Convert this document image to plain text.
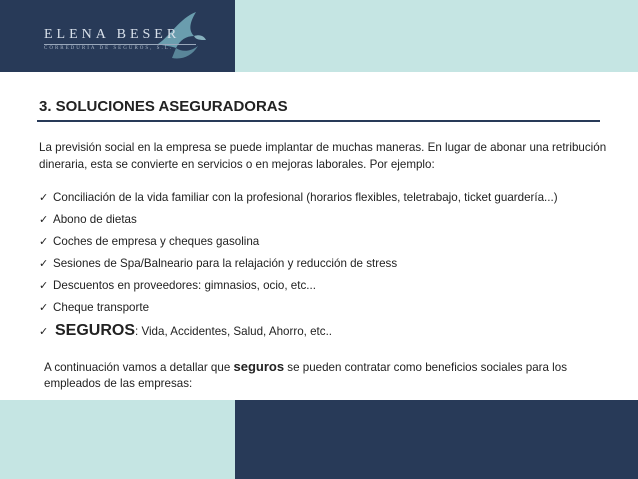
ELENA BESER
CORREDURÍA DE SEGUROS, S.L.
3. SOLUCIONES ASEGURADORAS
La previsión social en la empresa se puede implantar de muchas maneras. En lugar de abonar una retribución dineraria, esta se convierte en servicios o en mejoras laborales. Por ejemplo:
✓ Conciliación de la vida familiar con la profesional (horarios flexibles, teletrabajo, ticket guardería...)
✓ Abono de dietas
✓ Coches de empresa y cheques gasolina
✓ Sesiones de Spa/Balneario para la relajación y reducción de stress
✓ Descuentos en proveedores: gimnasios, ocio, etc...
✓ Cheque transporte
✓ SEGUROS : Vida, Accidentes, Salud, Ahorro, etc..
A continuación vamos a detallar que seguros se pueden contratar como beneficios sociales para los empleados de las empresas:
